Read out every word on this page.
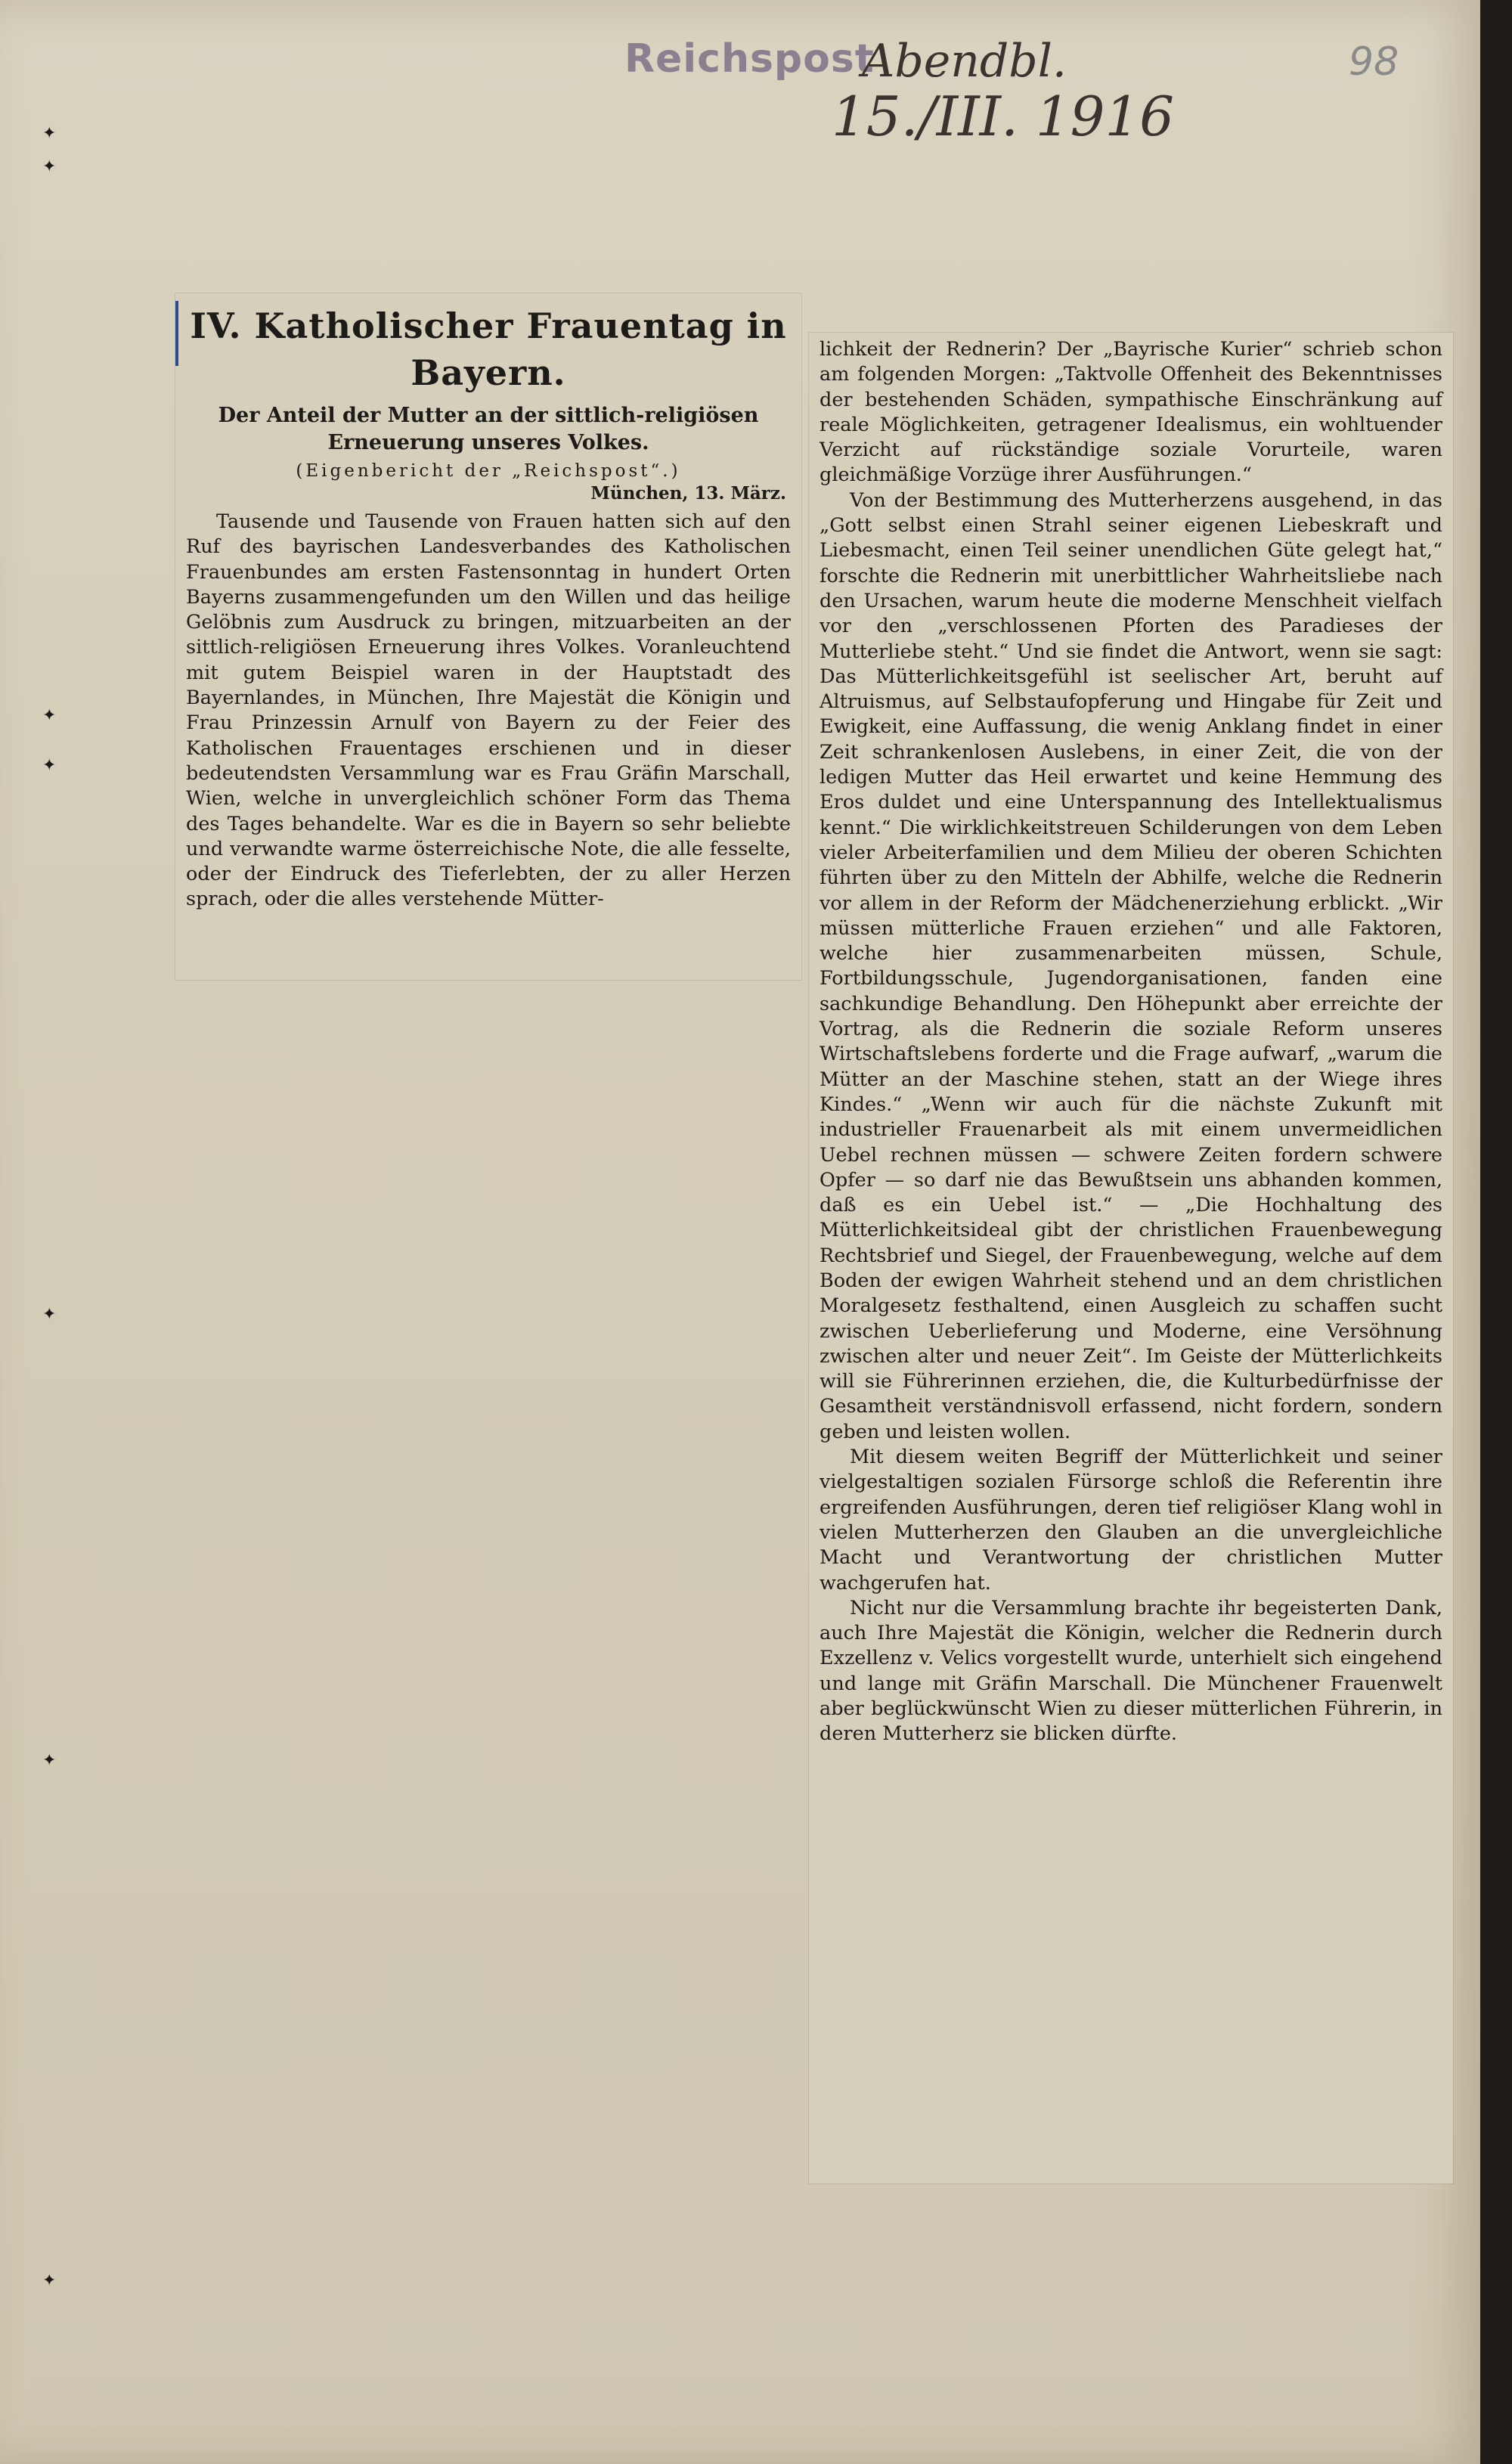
✦
✦
✦
✦
✦
✦
✦
Reichspost
Abendbl.
15./III. 1916
98
IV. Katholischer Frauentag in Bayern.
Der Anteil der Mutter an der sittlich-religiösen Erneuerung unseres Volkes.

(Eigenbericht der „Reichspost“.)

München, 13. März.

Tausende und Tausende von Frauen hatten sich auf den Ruf des bayrischen Landesverbandes des Katholischen Frauenbundes am ersten Fastensonntag in hundert Orten Bayerns zusammengefunden um den Willen und das heilige Gelöbnis zum Ausdruck zu bringen, mitzuarbeiten an der sittlich-religiösen Erneuerung ihres Volkes. Voranleuchtend mit gutem Beispiel waren in der Hauptstadt des Bayernlandes, in München, Ihre Majestät die Königin und Frau Prinzessin Arnulf von Bayern zu der Feier des Katholischen Frauentages erschienen und in dieser bedeutendsten Versammlung war es Frau Gräfin Marschall, Wien, welche in unvergleichlich schöner Form das Thema des Tages behandelte. War es die in Bayern so sehr beliebte und verwandte warme österreichische Note, die alle fesselte, oder der Eindruck des Tieferlebten, der zu aller Herzen sprach, oder die alles verstehende Mütter-

lichkeit der Rednerin? Der „Bayrische Kurier“ schrieb schon am folgenden Morgen: „Taktvolle Offenheit des Bekenntnisses der bestehenden Schäden, sympathische Einschränkung auf reale Möglichkeiten, getragener Idealismus, ein wohltuender Verzicht auf rückständige soziale Vorurteile, waren gleichmäßige Vorzüge ihrer Ausführungen.“

Von der Bestimmung des Mutterherzens ausgehend, in das „Gott selbst einen Strahl seiner eigenen Liebeskraft und Liebesmacht, einen Teil seiner unendlichen Güte gelegt hat,“ forschte die Rednerin mit unerbittlicher Wahrheitsliebe nach den Ursachen, warum heute die moderne Menschheit vielfach vor den „verschlossenen Pforten des Paradieses der Mutterliebe steht.“ Und sie findet die Antwort, wenn sie sagt: Das Mütterlichkeitsgefühl ist seelischer Art, beruht auf Altruismus, auf Selbstaufopferung und Hingabe für Zeit und Ewigkeit, eine Auffassung, die wenig Anklang findet in einer Zeit schrankenlosen Auslebens, in einer Zeit, die von der ledigen Mutter das Heil erwartet und keine Hemmung des Eros duldet und eine Unterspannung des Intellektualismus kennt.“ Die wirklichkeitstreuen Schilderungen von dem Leben vieler Arbeiterfamilien und dem Milieu der oberen Schichten führten über zu den Mitteln der Abhilfe, welche die Rednerin vor allem in der Reform der Mädchenerziehung erblickt. „Wir müssen mütterliche Frauen erziehen“ und alle Faktoren, welche hier zusammenarbeiten müssen, Schule, Fortbildungsschule, Jugendorganisationen, fanden eine sachkundige Behandlung. Den Höhepunkt aber erreichte der Vortrag, als die Rednerin die soziale Reform unseres Wirtschaftslebens forderte und die Frage aufwarf, „warum die Mütter an der Maschine stehen, statt an der Wiege ihres Kindes.“ „Wenn wir auch für die nächste Zukunft mit industrieller Frauenarbeit als mit einem unvermeidlichen Uebel rechnen müssen — schwere Zeiten fordern schwere Opfer — so darf nie das Bewußtsein uns abhanden kommen, daß es ein Uebel ist.“ — „Die Hochhaltung des Mütterlichkeitsideal gibt der christlichen Frauenbewegung Rechtsbrief und Siegel, der Frauenbewegung, welche auf dem Boden der ewigen Wahrheit stehend und an dem christlichen Moralgesetz festhaltend, einen Ausgleich zu schaffen sucht zwischen Ueberlieferung und Moderne, eine Versöhnung zwischen alter und neuer Zeit“. Im Geiste der Mütterlichkeits will sie Führerinnen erziehen, die, die Kulturbedürfnisse der Gesamtheit verständnisvoll erfassend, nicht fordern, sondern geben und leisten wollen.

Mit diesem weiten Begriff der Mütterlichkeit und seiner vielgestaltigen sozialen Fürsorge schloß die Referentin ihre ergreifenden Ausführungen, deren tief religiöser Klang wohl in vielen Mutterherzen den Glauben an die unvergleichliche Macht und Verantwortung der christlichen Mutter wachgerufen hat.

Nicht nur die Versammlung brachte ihr begeisterten Dank, auch Ihre Majestät die Königin, welcher die Rednerin durch Exzellenz v. Velics vorgestellt wurde, unterhielt sich eingehend und lange mit Gräfin Marschall. Die Münchener Frauenwelt aber beglückwünscht Wien zu dieser mütterlichen Führerin, in deren Mutterherz sie blicken dürfte.
